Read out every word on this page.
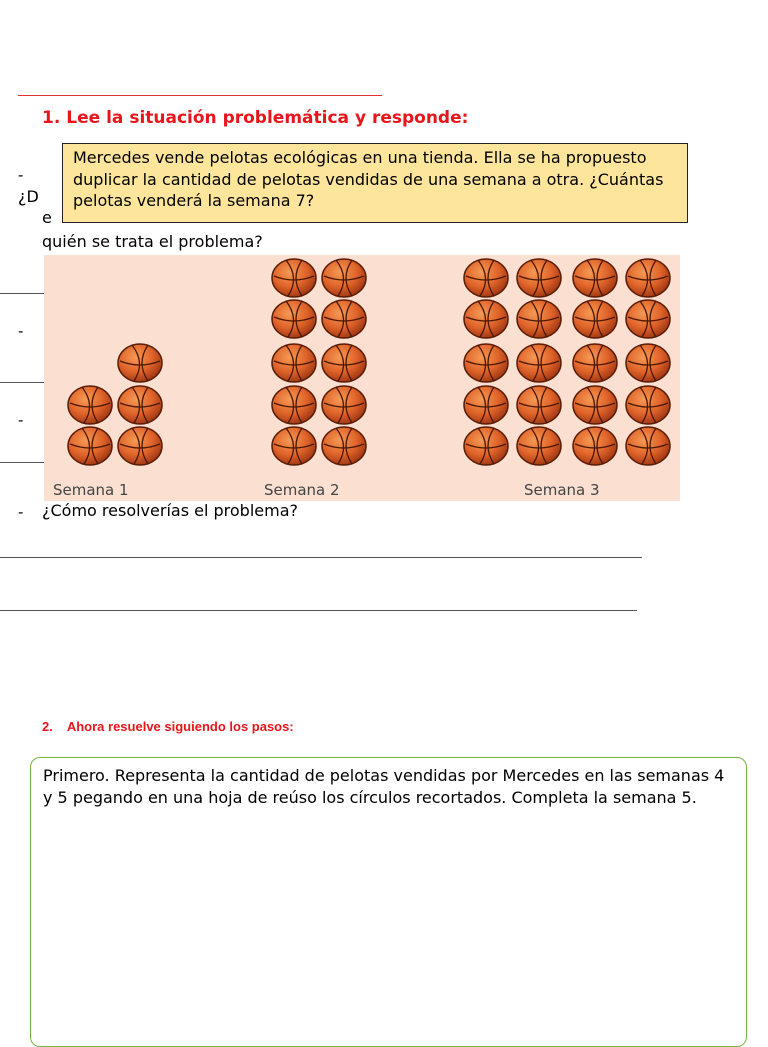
1. Lee la situación problemática y responde:
Mercedes vende pelotas ecológicas en una tienda. Ella se ha propuesto duplicar la cantidad de pelotas vendidas de una semana a otra. ¿Cuántas pelotas venderá la semana 7?
-
¿D
e
quién se trata el problema?
-
-
Semana 1	Semana 2	Semana 3
- ¿Cómo resolverías el problema?
2. Ahora resuelve siguiendo los pasos:
Primero. Representa la cantidad de pelotas vendidas por Mercedes en las semanas 4 y 5 pegando en una hoja de reúso los círculos recortados. Completa la semana 5.
